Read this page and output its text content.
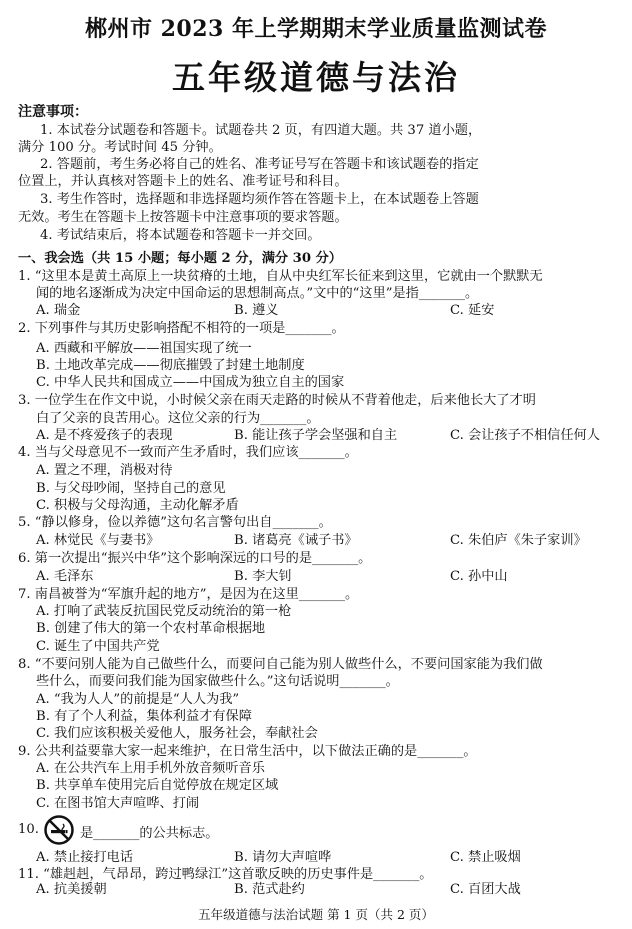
郴州市 2023 年上学期期末学业质量监测试卷
五年级道德与法治
注意事项：
1. 本试卷分试题卷和答题卡。试题卷共 2 页，有四道大题。共 37 道小题，
满分 100 分。考试时间 45 分钟。
2. 答题前，考生务必将自己的姓名、准考证号写在答题卡和该试题卷的指定
位置上，并认真核对答题卡上的姓名、准考证号和科目。
3. 考生作答时，选择题和非选择题均须作答在答题卡上，在本试题卷上答题
无效。考生在答题卡上按答题卡中注意事项的要求答题。
4. 考试结束后，将本试题卷和答题卡一并交回。
一、我会选（共 15 小题；每小题 2 分，满分 30 分）
1. “这里本是黄土高原上一块贫瘠的土地，自从中央红军长征来到这里，它就由一个默默无
闻的地名逐渐成为决定中国命运的思想制高点。”文中的“这里”是指_______。
A. 瑞金	B. 遵义	C. 延安
2. 下列事件与其历史影响搭配不相符的一项是_______。
A. 西藏和平解放——祖国实现了统一
B. 土地改革完成——彻底摧毁了封建土地制度
C. 中华人民共和国成立——中国成为独立自主的国家
3. 一位学生在作文中说，小时候父亲在雨天走路的时候从不背着他走，后来他长大了才明
白了父亲的良苦用心。这位父亲的行为_______。
A. 是不疼爱孩子的表现	B. 能让孩子学会坚强和自主	C. 会让孩子不相信任何人
4. 当与父母意见不一致而产生矛盾时，我们应该_______。
A. 置之不理，消极对待
B. 与父母吵闹，坚持自己的意见
C. 积极与父母沟通，主动化解矛盾
5. “静以修身，俭以养德”这句名言警句出自_______。
A. 林觉民《与妻书》	B. 诸葛亮《诫子书》	C. 朱伯庐《朱子家训》
6. 第一次提出“振兴中华”这个影响深远的口号的是_______。
A. 毛泽东	B. 李大钊	C. 孙中山
7. 南昌被誉为“军旗升起的地方”，是因为在这里_______。
A. 打响了武装反抗国民党反动统治的第一枪
B. 创建了伟大的第一个农村革命根据地
C. 诞生了中国共产党
8. “不要问别人能为自己做些什么，而要问自己能为别人做些什么，不要问国家能为我们做
些什么，而要问我们能为国家做些什么。”这句话说明_______。
A. “我为人人”的前提是“人人为我”
B. 有了个人利益，集体利益才有保障
C. 我们应该积极关爱他人，服务社会，奉献社会
9. 公共利益要靠大家一起来维护，在日常生活中，以下做法正确的是_______。
A. 在公共汽车上用手机外放音频听音乐
B. 共享单车使用完后自觉停放在规定区域
C. 在图书馆大声喧哗、打闹
10.	是_______的公共标志。
A. 禁止接打电话	B. 请勿大声喧哗	C. 禁止吸烟
11. “雄赳赳，气昂昂，跨过鸭绿江”这首歌反映的历史事件是_______。
A. 抗美援朝	B. 范式赴约	C. 百团大战
五年级道德与法治试题 第 1 页（共 2 页）
